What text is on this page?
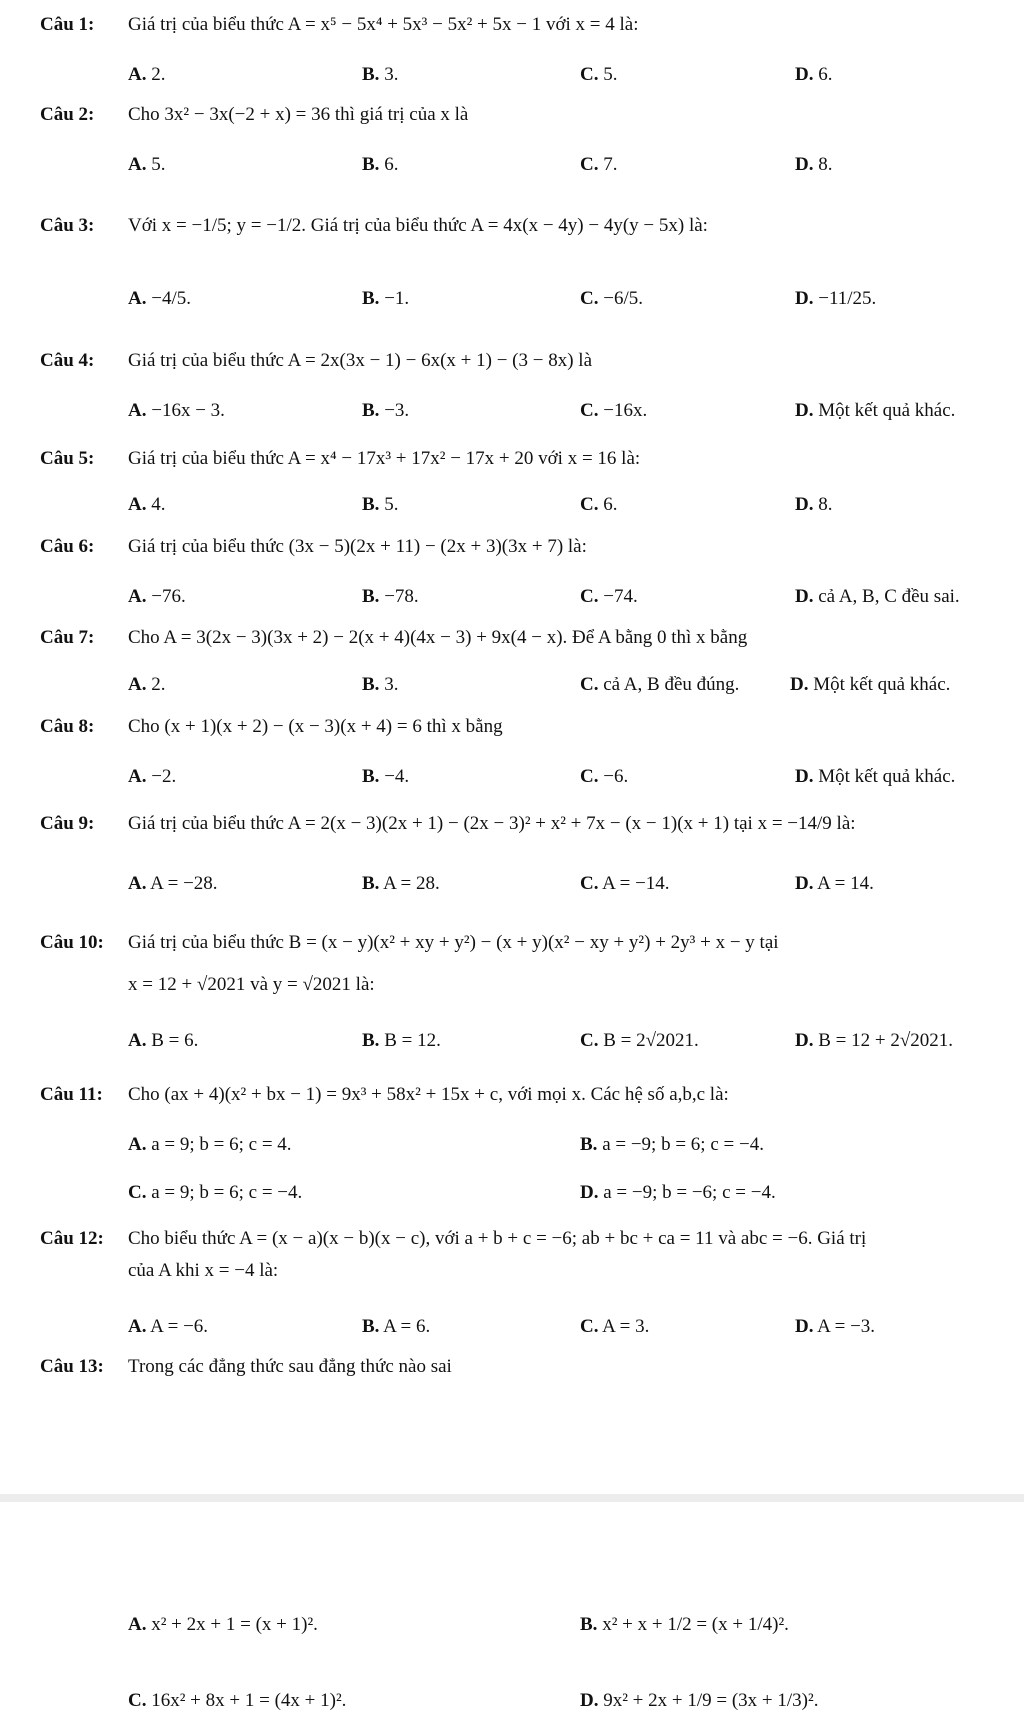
Câu 1:	Giá trị của biểu thức A = x⁵ − 5x⁴ + 5x³ − 5x² + 5x − 1 với x = 4 là:
A. 2.	B. 3.	C. 5.	D. 6.
Câu 2:	Cho 3x² − 3x(−2 + x) = 36 thì giá trị của x là
A. 5.	B. 6.	C. 7.	D. 8.
Câu 3:	Với x = −1/5; y = −1/2. Giá trị của biểu thức A = 4x(x − 4y) − 4y(y − 5x) là:
A. −4/5.	B. −1.	C. −6/5.	D. −11/25.
Câu 4:	Giá trị của biểu thức A = 2x(3x − 1) − 6x(x + 1) − (3 − 8x) là
A. −16x − 3.	B. −3.	C. −16x.	D. Một kết quả khác.
Câu 5:	Giá trị của biểu thức A = x⁴ − 17x³ + 17x² − 17x + 20 với x = 16 là:
A. 4.	B. 5.	C. 6.	D. 8.
Câu 6:	Giá trị của biểu thức (3x − 5)(2x + 11) − (2x + 3)(3x + 7) là:
A. −76.	B. −78.	C. −74.	D. cả A, B, C đều sai.
Câu 7:	Cho A = 3(2x − 3)(3x + 2) − 2(x + 4)(4x − 3) + 9x(4 − x). Để A bằng 0 thì x bằng
A. 2.	B. 3.	C. cả A, B đều đúng.	D. Một kết quả khác.
Câu 8:	Cho (x + 1)(x + 2) − (x − 3)(x + 4) = 6 thì x bằng
A. −2.	B. −4.	C. −6.	D. Một kết quả khác.
Câu 9:	Giá trị của biểu thức A = 2(x − 3)(2x + 1) − (2x − 3)² + x² + 7x − (x − 1)(x + 1) tại x = −14/9 là:
A. A = −28.	B. A = 28.	C. A = −14.	D. A = 14.
Câu 10:	Giá trị của biểu thức B = (x − y)(x² + xy + y²) − (x + y)(x² − xy + y²) + 2y³ + x − y tại
x = 12 + √2021 và y = √2021 là:
A. B = 6.	B. B = 12.	C. B = 2√2021.	D. B = 12 + 2√2021.
Câu 11:	Cho (ax + 4)(x² + bx − 1) = 9x³ + 58x² + 15x + c, với mọi x. Các hệ số a,b,c là:
A. a = 9; b = 6; c = 4.	B. a = −9; b = 6; c = −4.
C. a = 9; b = 6; c = −4.	D. a = −9; b = −6; c = −4.
Câu 12:	Cho biểu thức A = (x − a)(x − b)(x − c), với a + b + c = −6; ab + bc + ca = 11 và abc = −6. Giá trị
của A khi x = −4 là:
A. A = −6.	B. A = 6.	C. A = 3.	D. A = −3.
Câu 13:	Trong các đẳng thức sau đẳng thức nào sai
A. x² + 2x + 1 = (x + 1)².	B. x² + x + 1/2 = (x + 1/4)².
C. 16x² + 8x + 1 = (4x + 1)².	D. 9x² + 2x + 1/9 = (3x + 1/3)².
